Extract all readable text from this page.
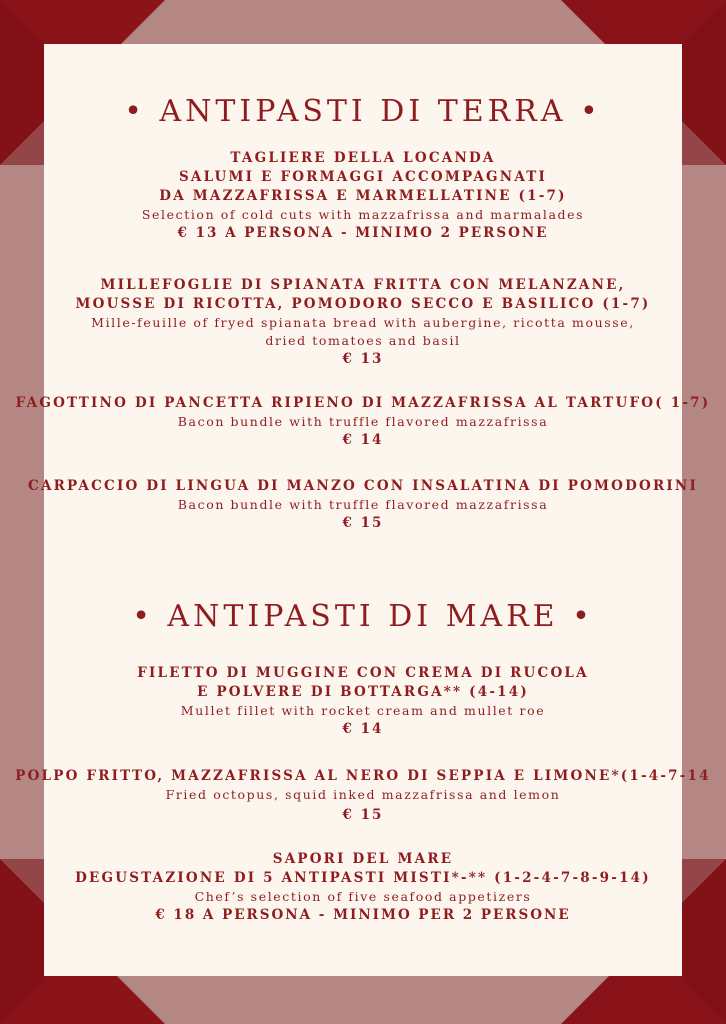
• ANTIPASTI DI TERRA •
TAGLIERE DELLA LOCANDA
SALUMI E FORMAGGI ACCOMPAGNATI
DA MAZZAFRISSA E MARMELLATINE (1-7)
Selection of cold cuts with mazzafrissa and marmalades
€ 13 A PERSONA - MINIMO 2 PERSONE
MILLEFOGLIE DI SPIANATA FRITTA CON MELANZANE,
MOUSSE DI RICOTTA, POMODORO SECCO E BASILICO (1-7)
Mille-feuille of fryed spianata bread with aubergine, ricotta mousse,
dried tomatoes and basil
€ 13
FAGOTTINO DI PANCETTA RIPIENO DI MAZZAFRISSA AL TARTUFO( 1-7)
Bacon bundle with truffle flavored mazzafrissa
€ 14
CARPACCIO DI LINGUA DI MANZO CON INSALATINA DI POMODORINI
Bacon bundle with truffle flavored mazzafrissa
€ 15
• ANTIPASTI DI MARE •
FILETTO DI MUGGINE CON CREMA DI RUCOLA
E POLVERE DI BOTTARGA** (4-14)
Mullet fillet with rocket cream and mullet roe
€ 14
POLPO FRITTO, MAZZAFRISSA AL NERO DI SEPPIA E LIMONE*(1-4-7-14
Fried octopus, squid inked mazzafrissa and lemon
€ 15
SAPORI DEL MARE
DEGUSTAZIONE DI 5 ANTIPASTI MISTI*-** (1-2-4-7-8-9-14)
Chef’s selection of five seafood appetizers
€ 18 A PERSONA - MINIMO PER 2 PERSONE
